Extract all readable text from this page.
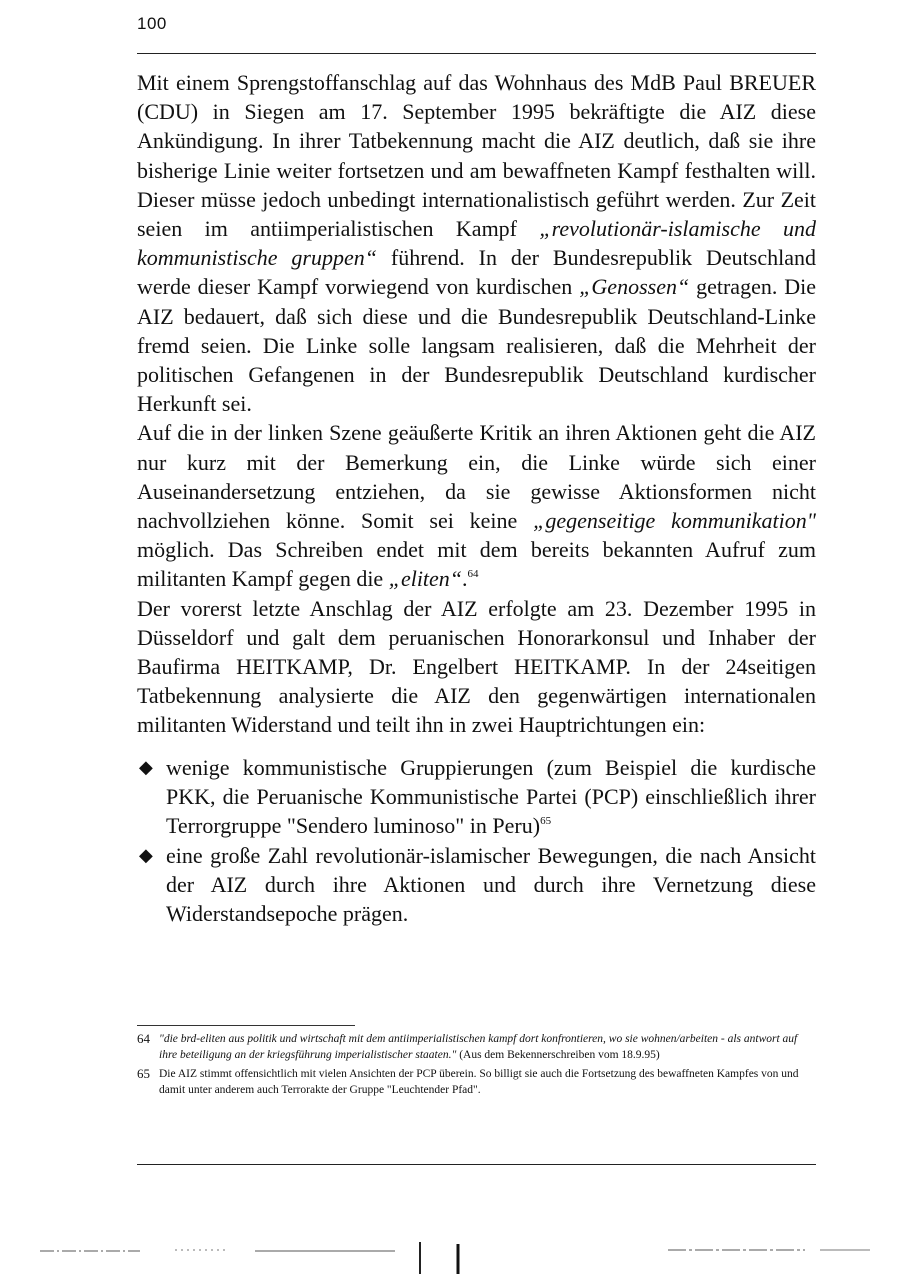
100

Mit einem Sprengstoffanschlag auf das Wohnhaus des MdB Paul BREUER (CDU) in Siegen am 17. September 1995 bekräftigte die AIZ diese Ankündigung. In ihrer Tatbekennung macht die AIZ deutlich, daß sie ihre bisherige Linie weiter fortsetzen und am bewaffneten Kampf festhalten will. Dieser müsse jedoch unbedingt internationalistisch geführt werden. Zur Zeit seien im antiimperialistischen Kampf „revolutionär-islamische und kommunistische gruppen“ führend. In der Bundesrepublik Deutschland werde dieser Kampf vorwiegend von kurdischen „Genossen“ getragen. Die AIZ bedauert, daß sich diese und die Bundesrepublik Deutschland-Linke fremd seien. Die Linke solle langsam realisieren, daß die Mehrheit der politischen Gefangenen in der Bundesrepublik Deutschland kurdischer Herkunft sei.

Auf die in der linken Szene geäußerte Kritik an ihren Aktionen geht die AIZ nur kurz mit der Bemerkung ein, die Linke würde sich einer Auseinandersetzung entziehen, da sie gewisse Aktionsformen nicht nachvollziehen könne. Somit sei keine „gegenseitige kommunikation" möglich. Das Schreiben endet mit dem bereits bekannten Aufruf zum militanten Kampf gegen die „eliten“.$^{64}$

Der vorerst letzte Anschlag der AIZ erfolgte am 23. Dezember 1995 in Düsseldorf und galt dem peruanischen Honorarkonsul und Inhaber der Baufirma HEITKAMP, Dr. Engelbert HEITKAMP. In der 24seitigen Tatbekennung analysierte die AIZ den gegenwärtigen internationalen militanten Widerstand und teilt ihn in zwei Hauptrichtungen ein:

◆ wenige kommunistische Gruppierungen (zum Beispiel die kurdische PKK, die Peruanische Kommunistische Partei (PCP) einschließlich ihrer Terrorgruppe "Sendero luminoso" in Peru)$^{65}$
◆ eine große Zahl revolutionär-islamischer Bewegungen, die nach Ansicht der AIZ durch ihre Aktionen und durch ihre Vernetzung diese Widerstandsepoche prägen.
64 "die brd-eliten aus politik und wirtschaft mit dem antiimperialistischen kampf dort konfrontieren, wo sie wohnen/arbeiten - als antwort auf ihre beteiligung an der kriegsführung imperialistischer staaten." (Aus dem Bekennerschreiben vom 18.9.95)
65 Die AIZ stimmt offensichtlich mit vielen Ansichten der PCP überein. So billigt sie auch die Fortsetzung des bewaffneten Kampfes von und damit unter anderem auch Terrorakte der Gruppe "Leuchtender Pfad".
